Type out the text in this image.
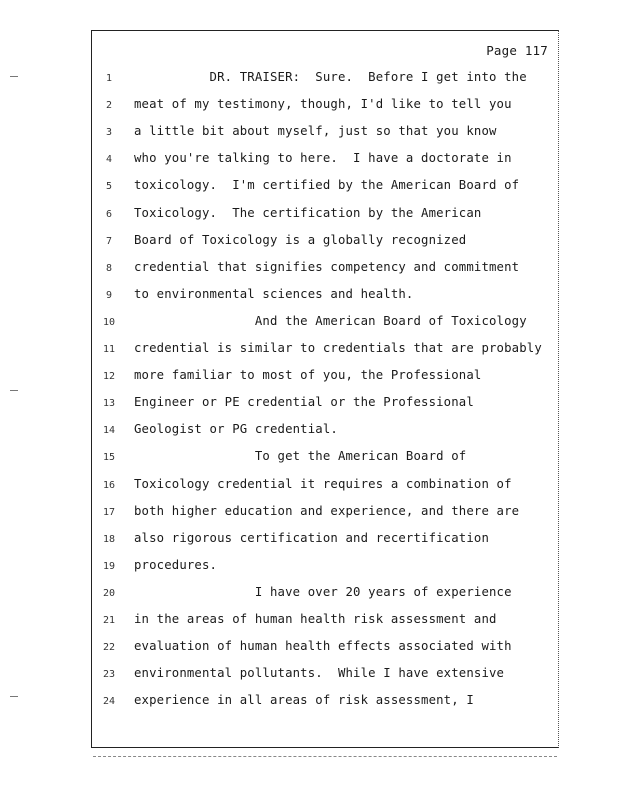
Page 117
1	DR. TRAISER:  Sure.  Before I get into the
2	meat of my testimony, though, I'd like to tell you
3	a little bit about myself, just so that you know
4	who you're talking to here.  I have a doctorate in
5	toxicology.  I'm certified by the American Board of
6	Toxicology.  The certification by the American
7	Board of Toxicology is a globally recognized
8	credential that signifies competency and commitment
9	to environmental sciences and health.
10	And the American Board of Toxicology
11	credential is similar to credentials that are probably
12	more familiar to most of you, the Professional
13	Engineer or PE credential or the Professional
14	Geologist or PG credential.
15	To get the American Board of
16	Toxicology credential it requires a combination of
17	both higher education and experience, and there are
18	also rigorous certification and recertification
19	procedures.
20	I have over 20 years of experience
21	in the areas of human health risk assessment and
22	evaluation of human health effects associated with
23	environmental pollutants.  While I have extensive
24	experience in all areas of risk assessment, I
